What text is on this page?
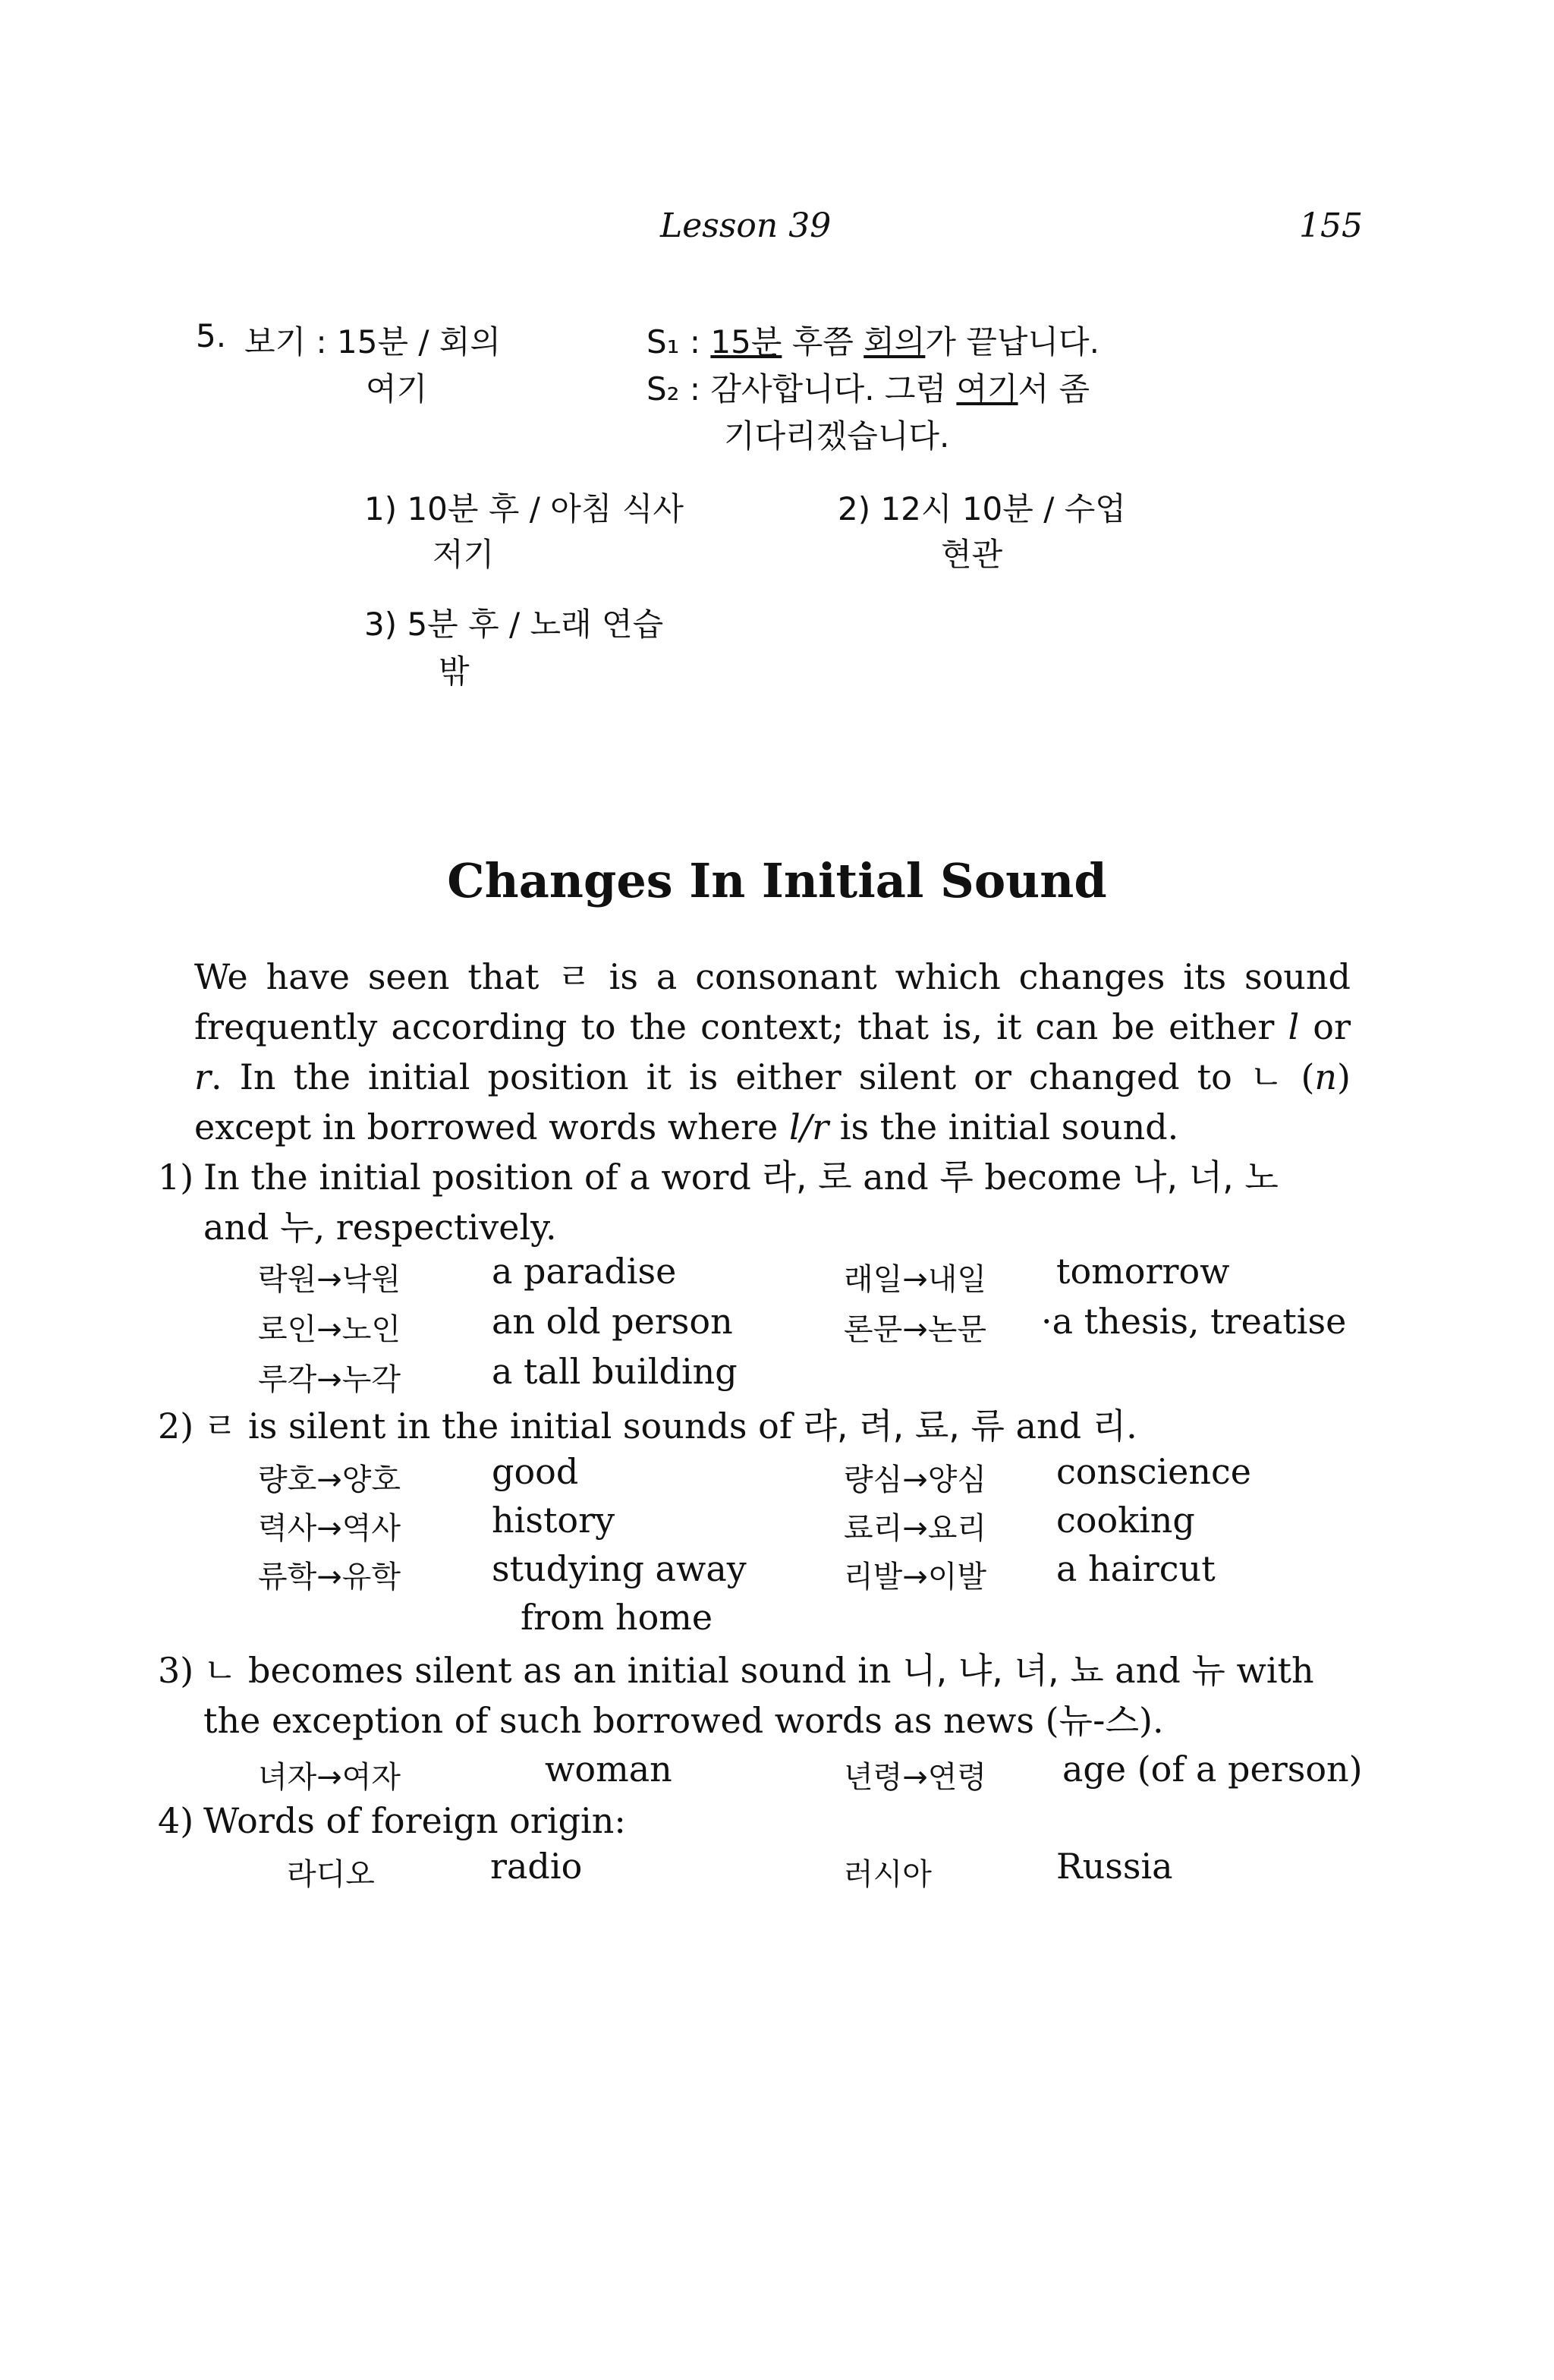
Lesson 39	155
5. 보기 : 15분 / 회의
여기
S₁ : 15분 후쯤 회의가 끝납니다.
S₂ : 감사합니다. 그럼 여기서 좀
기다리겠습니다.
1) 10분 후 / 아침 식사
저기
2) 12시 10분 / 수업
현관
3) 5분 후 / 노래 연습
밖
Changes In Initial Sound
We have seen that ㄹ is a consonant which changes its sound frequently according to the context; that is, it can be either l or r. In the initial position it is either silent or changed to ㄴ (n) except in borrowed words where l/r is the initial sound.
1) In the initial position of a word 라, 로 and 루 become 나, 너, 노 and 누, respectively.
락원→낙원	a paradise	래일→내일 tomorrow
로인→노인	an old person	론문→논문 ·a thesis, treatise
루각→누각	a tall building
2) ㄹ is silent in the initial sounds of 랴, 려, 료, 류 and 리.
량호→양호	good	량심→양심 conscience
력사→역사	history	료리→요리 cooking
류학→유학	studying away	리발→이발 a haircut
from home
3) ㄴ becomes silent as an initial sound in 니, 냐, 녀, 뇨 and 뉴 with the exception of such borrowed words as news (뉴-스).
녀자→여자	woman	년령→연령 age (of a person)
4) Words of foreign origin:
라디오	radio	러시아	Russia
